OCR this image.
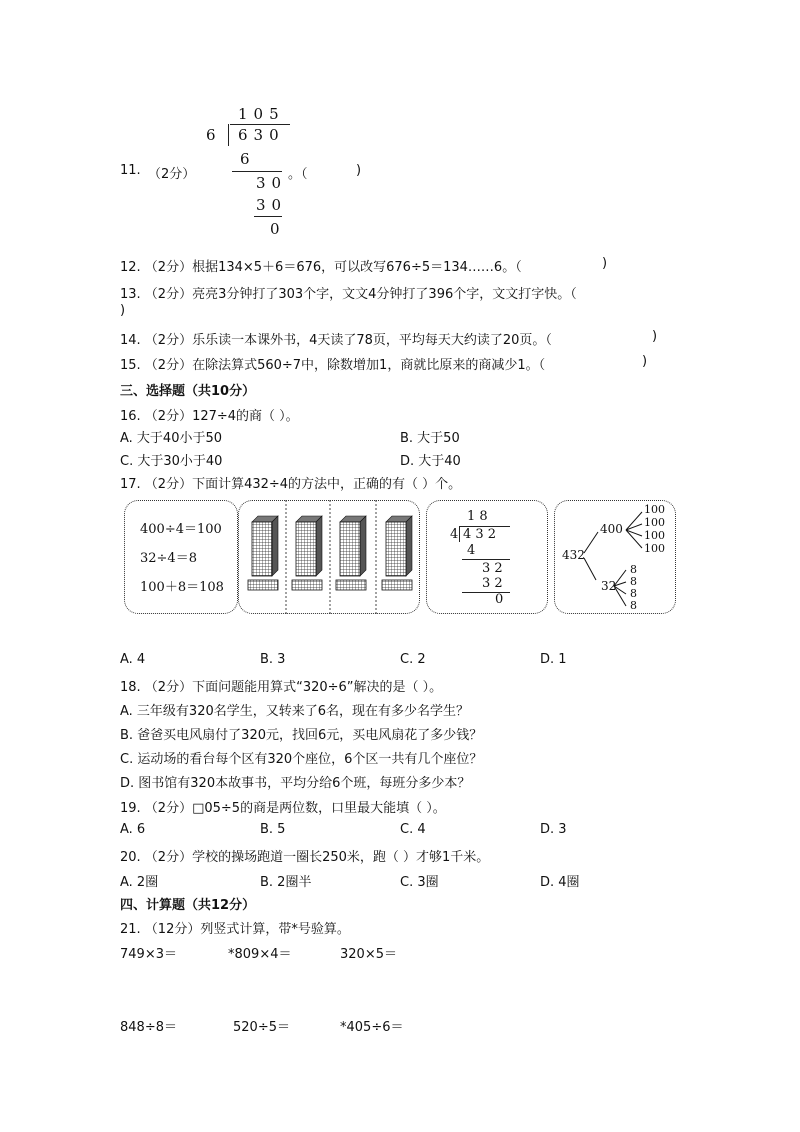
11. （2分）
105
6 630
6
30
30
0
。（	)
12. （2分）根据134×5＋6＝676，可以改写676÷5＝134……6。（	)
13. （2分）亮亮3分钟打了303个字，文文4分钟打了396个字，文文打字快。（
)
14. （2分）乐乐读一本课外书，4天读了78页，平均每天大约读了20页。（	)
15. （2分）在除法算式560÷7中，除数增加1，商就比原来的商减少1。（	)
三、选择题（共10分）
16. （2分）127÷4的商（ ）。
A. 大于40小于50	B. 大于50
C. 大于30小于40	D. 大于40
17. （2分）下面计算432÷4的方法中，正确的有（ ）个。
400÷4＝100
32÷4＝8
100＋8＝108
1 8
4 4 3 2
4
3 2
3 2
0
432
400
32
100
100
100
100
8
8
8
8
A. 4	B. 3	C. 2	D. 1
18. （2分）下面问题能用算式“320÷6”解决的是（ ）。
A. 三年级有320名学生，又转来了6名，现在有多少名学生？
B. 爸爸买电风扇付了320元，找回6元，买电风扇花了多少钱？
C. 运动场的看台每个区有320个座位，6个区一共有几个座位？
D. 图书馆有320本故事书，平均分给6个班，每班分多少本？
19. （2分）□05÷5的商是两位数，口里最大能填（ ）。
A. 6	B. 5	C. 4	D. 3
20. （2分）学校的操场跑道一圈长250米，跑（ ）才够1千米。
A. 2圈	B. 2圈半	C. 3圈	D. 4圈
四、计算题（共12分）
21. （12分）列竖式计算，带*号验算。
749×3＝	*809×4＝	320×5＝
848÷8＝	520÷5＝	*405÷6＝
